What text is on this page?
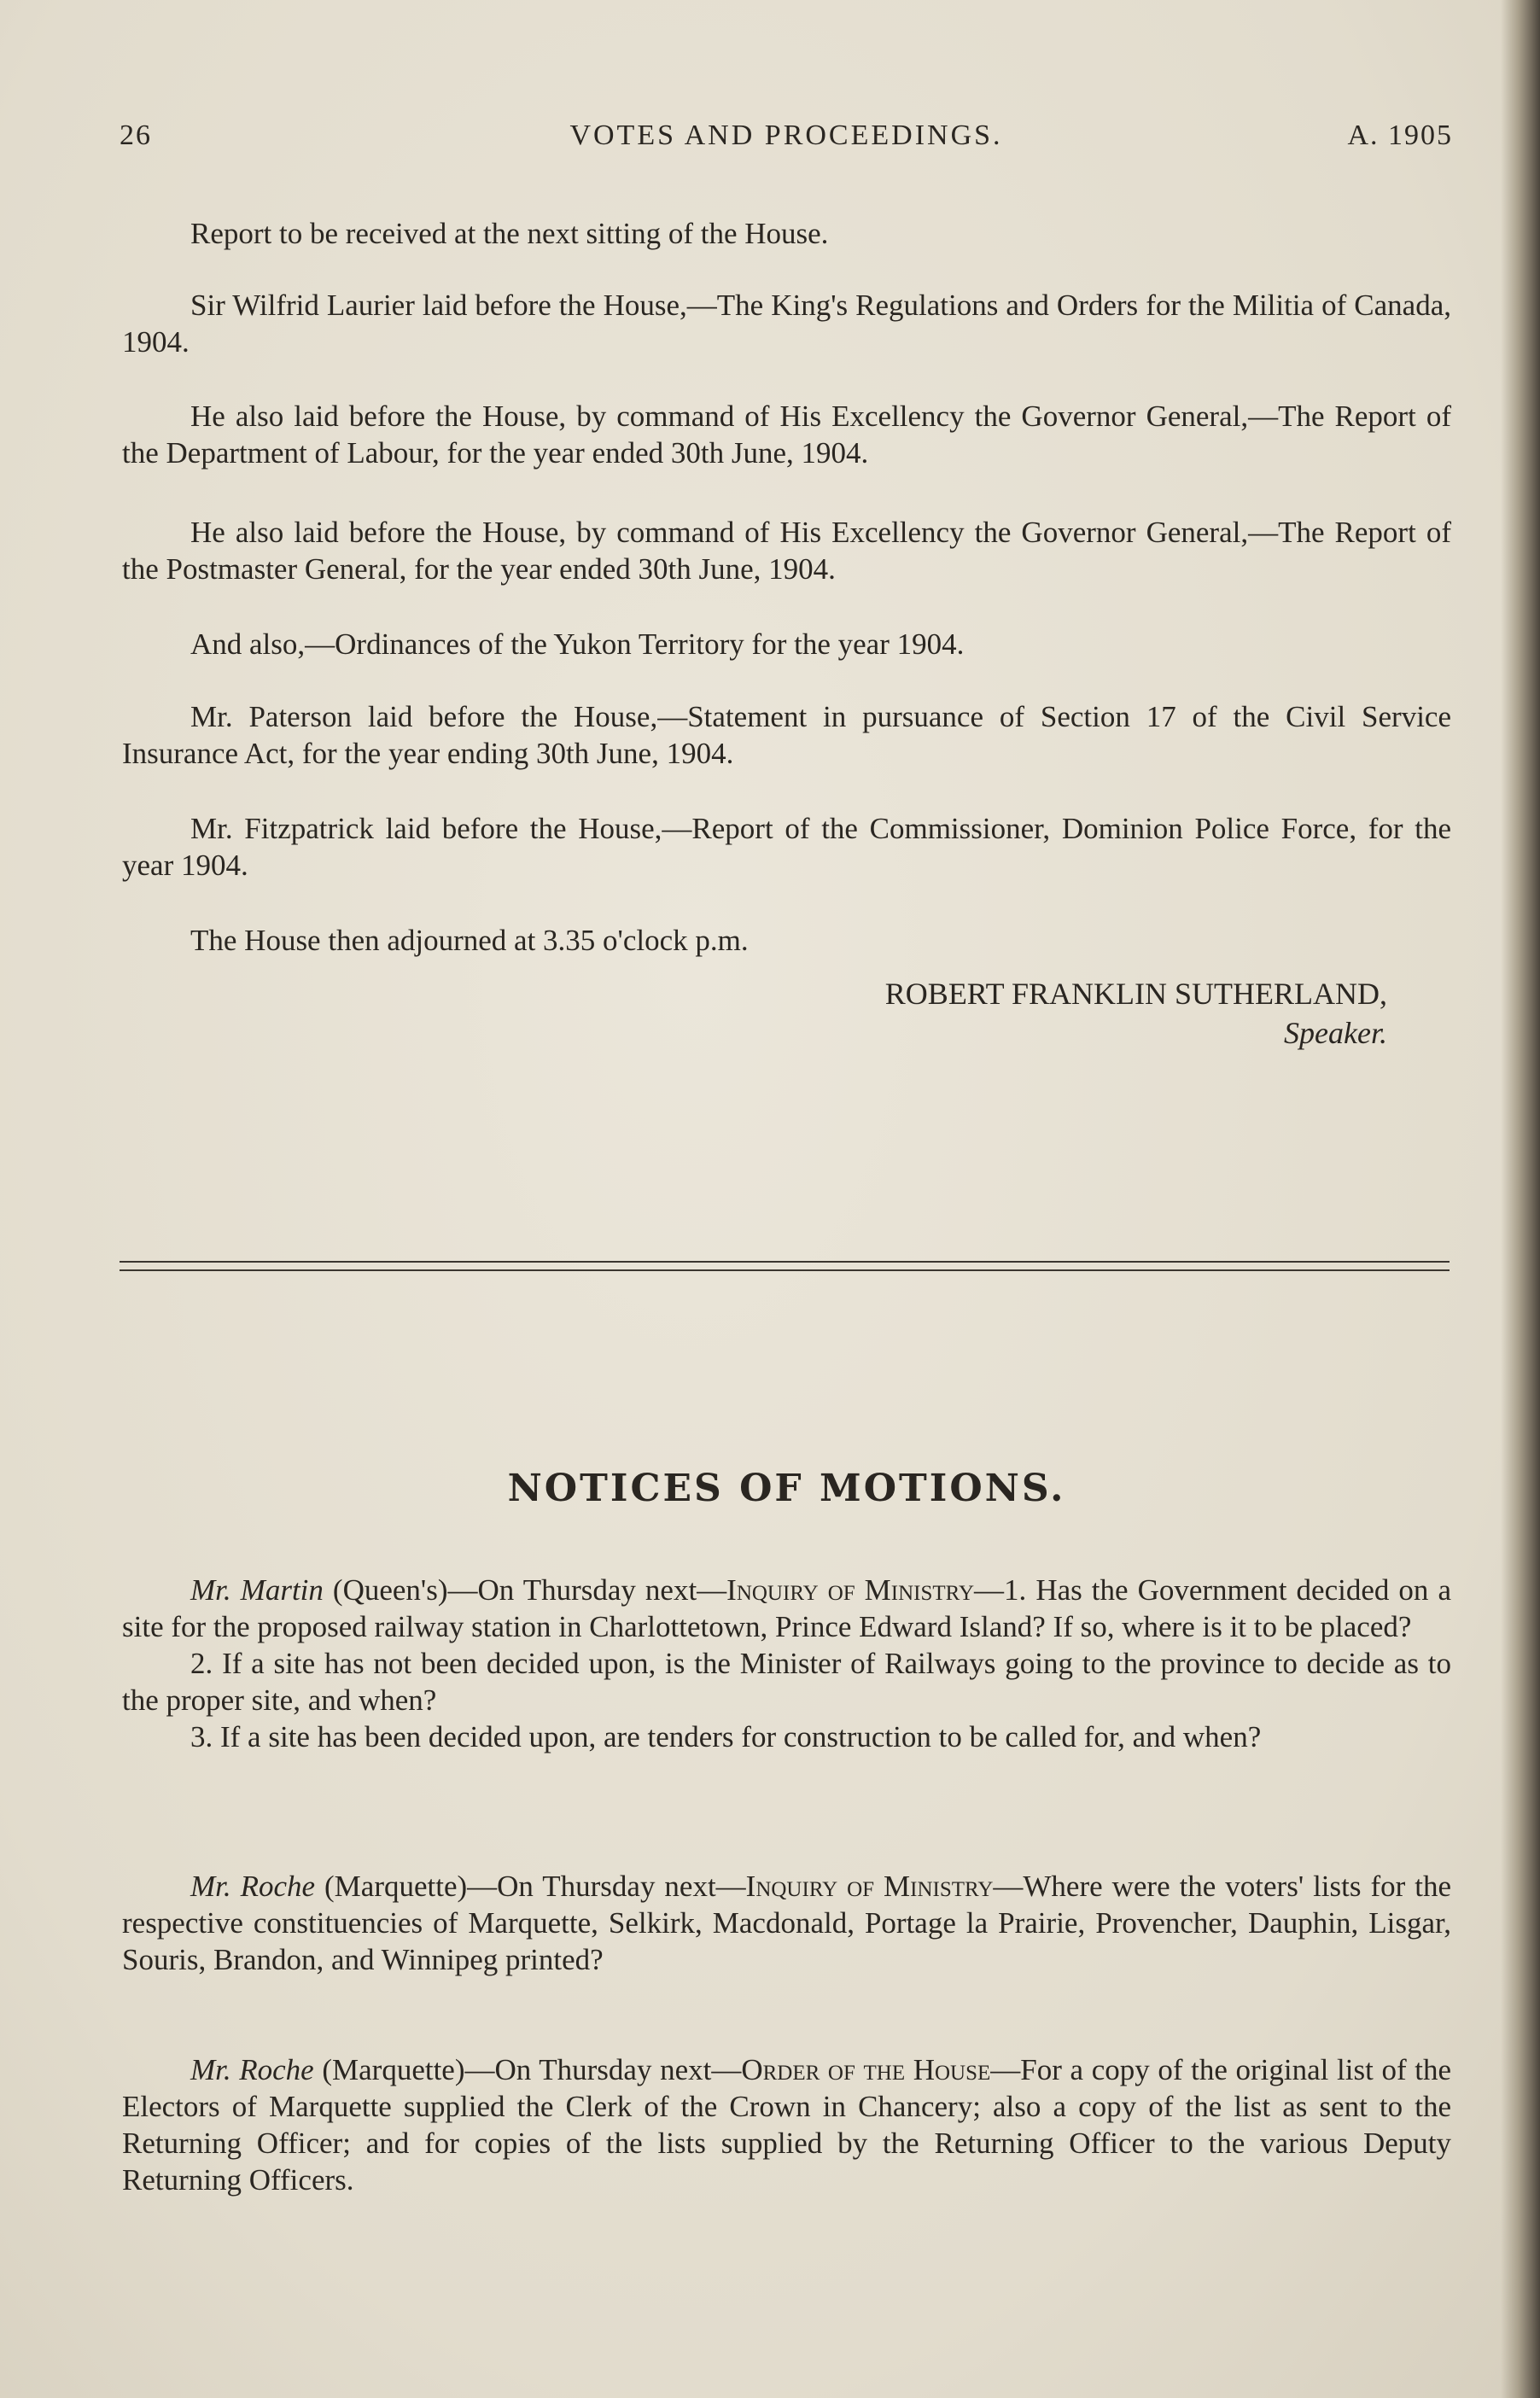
26	VOTES AND PROCEEDINGS.	A. 1905

Report to be received at the next sitting of the House.

Sir Wilfrid Laurier laid before the House,—The King's Regulations and Orders for the Militia of Canada, 1904.

He also laid before the House, by command of His Excellency the Governor General,—The Report of the Department of Labour, for the year ended 30th June, 1904.

He also laid before the House, by command of His Excellency the Governor General,—The Report of the Postmaster General, for the year ended 30th June, 1904.

And also,—Ordinances of the Yukon Territory for the year 1904.

Mr. Paterson laid before the House,—Statement in pursuance of Section 17 of the Civil Service Insurance Act, for the year ending 30th June, 1904.

Mr. Fitzpatrick laid before the House,—Report of the Commissioner, Dominion Police Force, for the year 1904.

The House then adjourned at 3.35 o'clock p.m.

ROBERT FRANKLIN SUTHERLAND,
Speaker.
NOTICES OF MOTIONS.

Mr. Martin (Queen's)—On Thursday next—Inquiry of Ministry—1. Has the Government decided on a site for the proposed railway station in Charlottetown, Prince Edward Island? If so, where is it to be placed?

2. If a site has not been decided upon, is the Minister of Railways going to the province to decide as to the proper site, and when?

3. If a site has been decided upon, are tenders for construction to be called for, and when?

Mr. Roche (Marquette)—On Thursday next—Inquiry of Ministry—Where were the voters' lists for the respective constituencies of Marquette, Selkirk, Macdonald, Portage la Prairie, Provencher, Dauphin, Lisgar, Souris, Brandon, and Winnipeg printed?

Mr. Roche (Marquette)—On Thursday next—Order of the House—For a copy of the original list of the Electors of Marquette supplied the Clerk of the Crown in Chancery; also a copy of the list as sent to the Returning Officer; and for copies of the lists supplied by the Returning Officer to the various Deputy Returning Officers.
